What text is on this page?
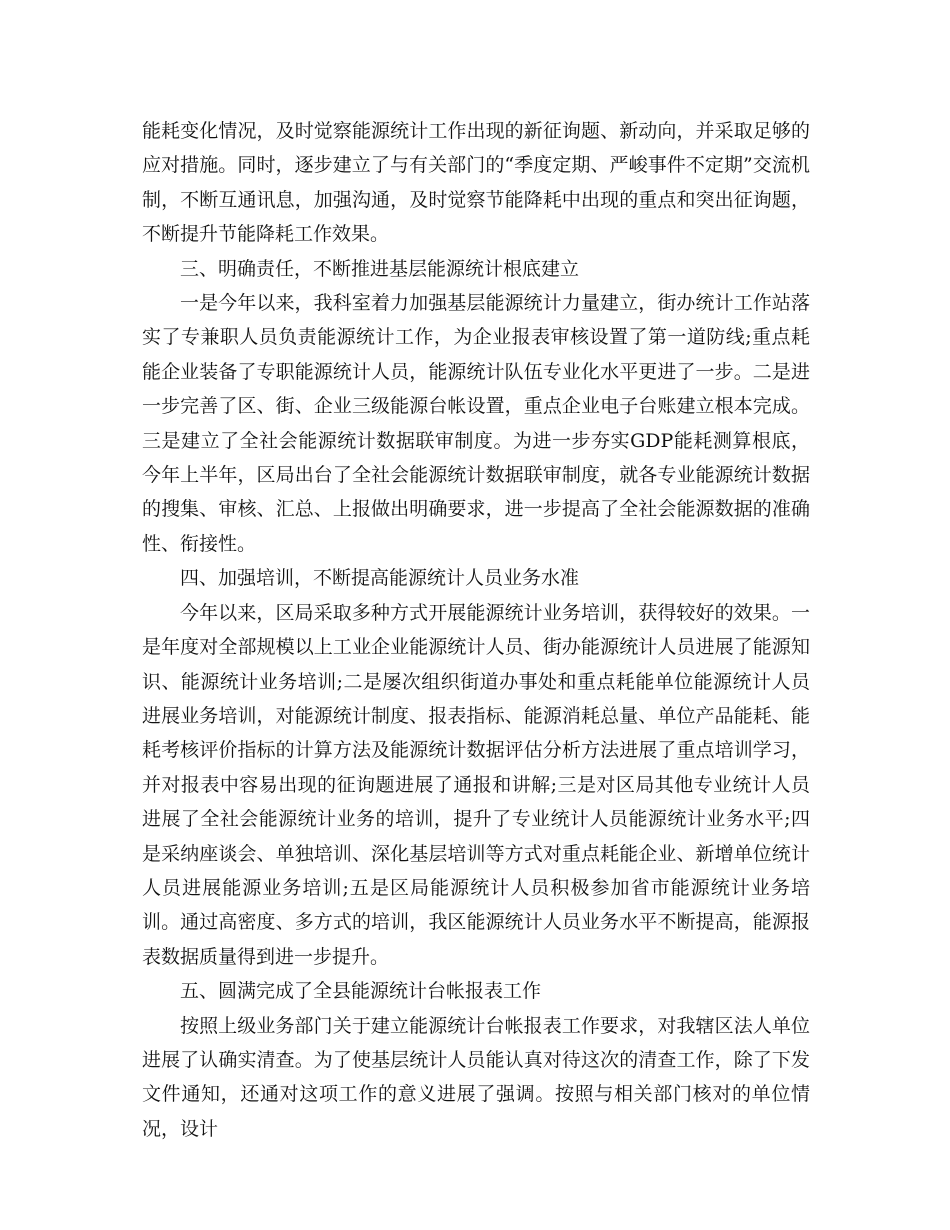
能耗变化情况，及时觉察能源统计工作出现的新征询题、新动向，并采取足够的应对措施。同时，逐步建立了与有关部门的“季度定期、严峻事件不定期”交流机制，不断互通讯息，加强沟通，及时觉察节能降耗中出现的重点和突出征询题，不断提升节能降耗工作效果。

三、明确责任，不断推进基层能源统计根底建立

一是今年以来，我科室着力加强基层能源统计力量建立，街办统计工作站落实了专兼职人员负责能源统计工作，为企业报表审核设置了第一道防线;重点耗能企业装备了专职能源统计人员，能源统计队伍专业化水平更进了一步。二是进一步完善了区、街、企业三级能源台帐设置，重点企业电子台账建立根本完成。三是建立了全社会能源统计数据联审制度。为进一步夯实GDP能耗测算根底，今年上半年，区局出台了全社会能源统计数据联审制度，就各专业能源统计数据的搜集、审核、汇总、上报做出明确要求，进一步提高了全社会能源数据的准确性、衔接性。

四、加强培训，不断提高能源统计人员业务水准

今年以来，区局采取多种方式开展能源统计业务培训，获得较好的效果。一是年度对全部规模以上工业企业能源统计人员、街办能源统计人员进展了能源知识、能源统计业务培训;二是屡次组织街道办事处和重点耗能单位能源统计人员进展业务培训，对能源统计制度、报表指标、能源消耗总量、单位产品能耗、能耗考核评价指标的计算方法及能源统计数据评估分析方法进展了重点培训学习，并对报表中容易出现的征询题进展了通报和讲解;三是对区局其他专业统计人员进展了全社会能源统计业务的培训，提升了专业统计人员能源统计业务水平;四是采纳座谈会、单独培训、深化基层培训等方式对重点耗能企业、新增单位统计人员进展能源业务培训;五是区局能源统计人员积极参加省市能源统计业务培训。通过高密度、多方式的培训，我区能源统计人员业务水平不断提高，能源报表数据质量得到进一步提升。

五、圆满完成了全县能源统计台帐报表工作

按照上级业务部门关于建立能源统计台帐报表工作要求，对我辖区法人单位进展了认确实清查。为了使基层统计人员能认真对待这次的清查工作，除了下发文件通知，还通对这项工作的意义进展了强调。按照与相关部门核对的单位情况，设计
